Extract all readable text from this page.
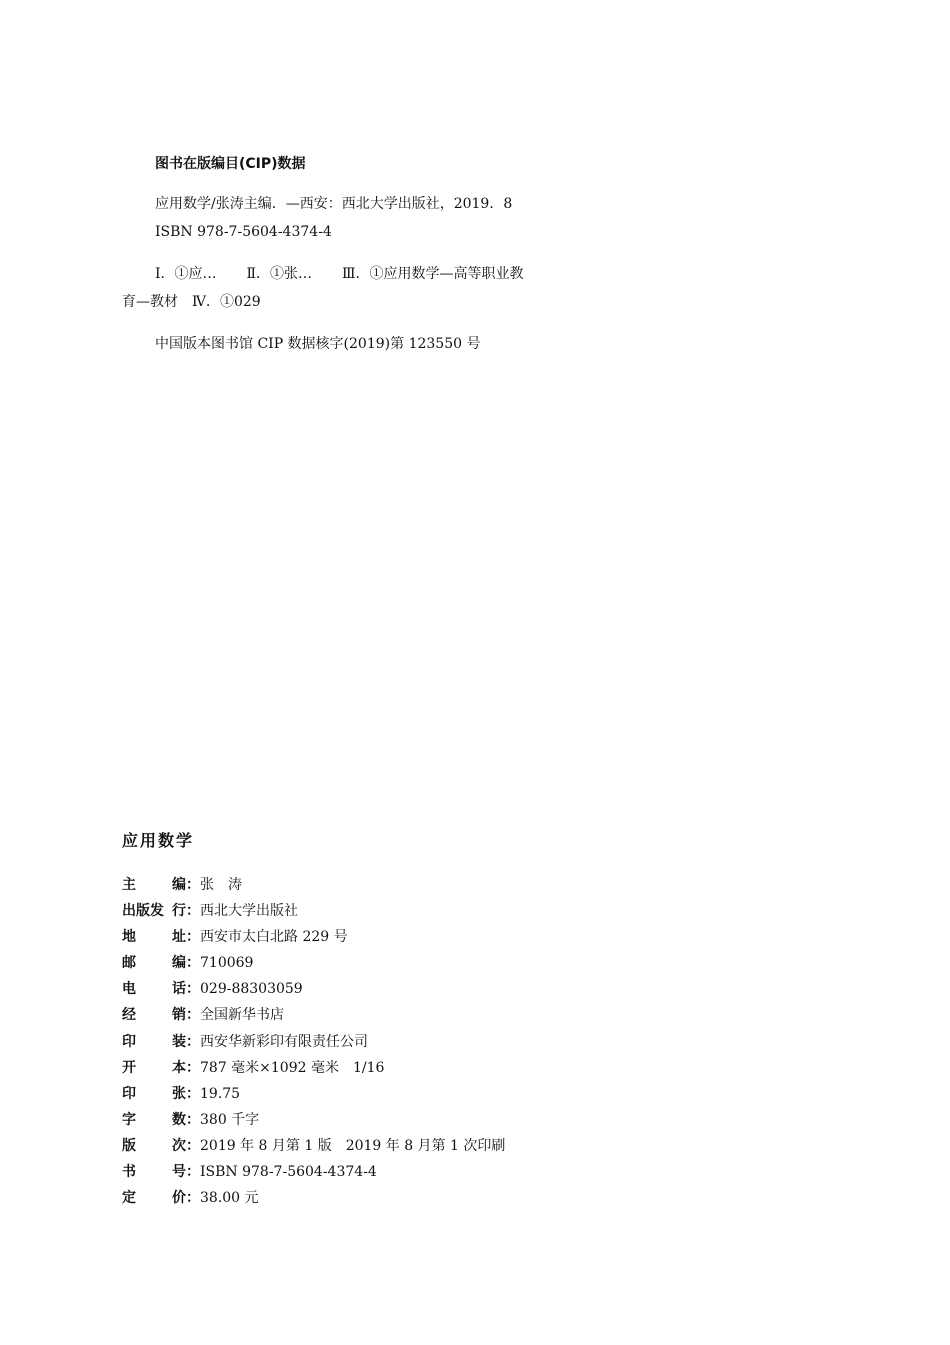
图书在版编目(CIP)数据

应用数学/张涛主编．—西安：西北大学出版社，2019．8

ISBN 978-7-5604-4374-4

Ⅰ．①应… Ⅱ．①张… Ⅲ．①应用数学—高等职业教

育—教材　Ⅳ．①029

中国版本图书馆 CIP 数据核字(2019)第 123550 号

应用数学

主	编： 张　涛
出版发 行： 西北大学出版社
地	址： 西安市太白北路 229 号
邮	编： 710069
电	话： 029-88303059
经	销： 全国新华书店
印	装： 西安华新彩印有限责任公司
开	本： 787 毫米×1092 毫米　1/16
印	张： 19.75
字	数： 380 千字
版	次： 2019 年 8 月第 1 版　2019 年 8 月第 1 次印刷
书	号： ISBN 978-7-5604-4374-4
定	价： 38.00 元
